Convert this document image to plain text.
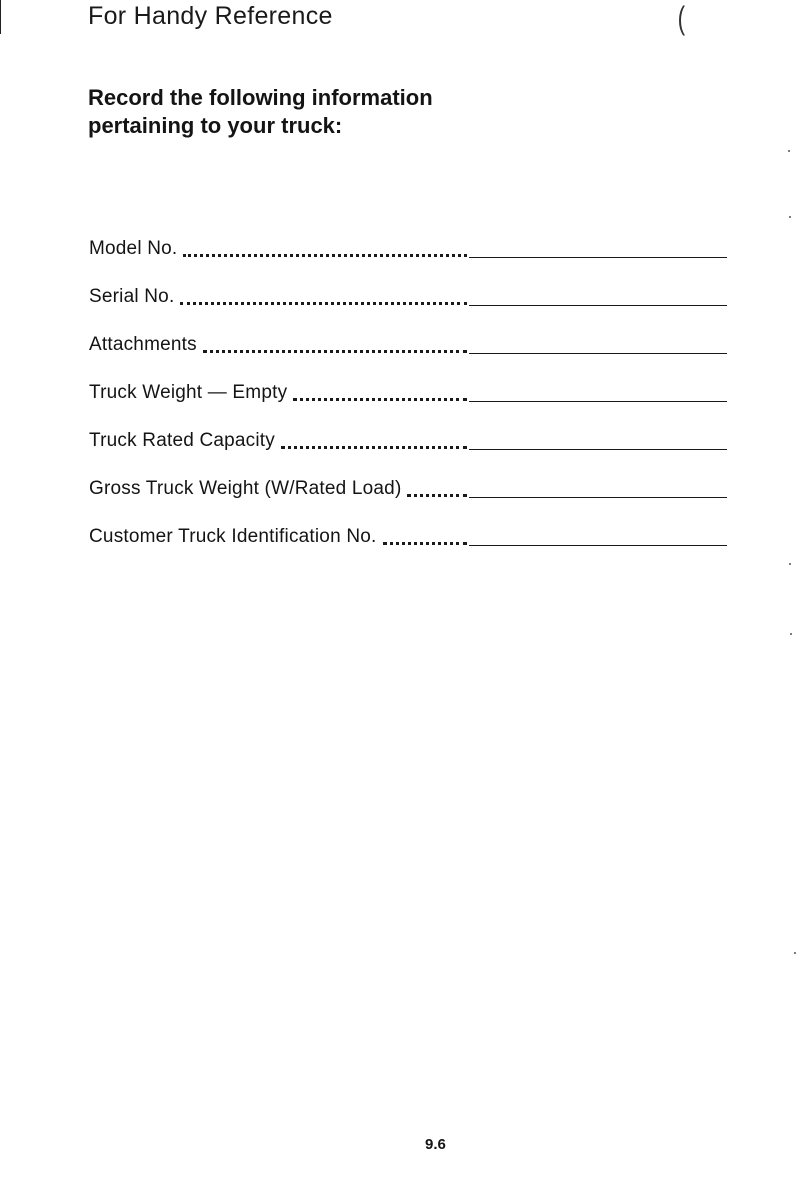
For Handy Reference	(
Record the following information
pertaining to your truck:
Model No.
Serial No.
Attachments
Truck Weight — Empty
Truck Rated Capacity
Gross Truck Weight (W/Rated Load)
Customer Truck Identification No.
9.6
